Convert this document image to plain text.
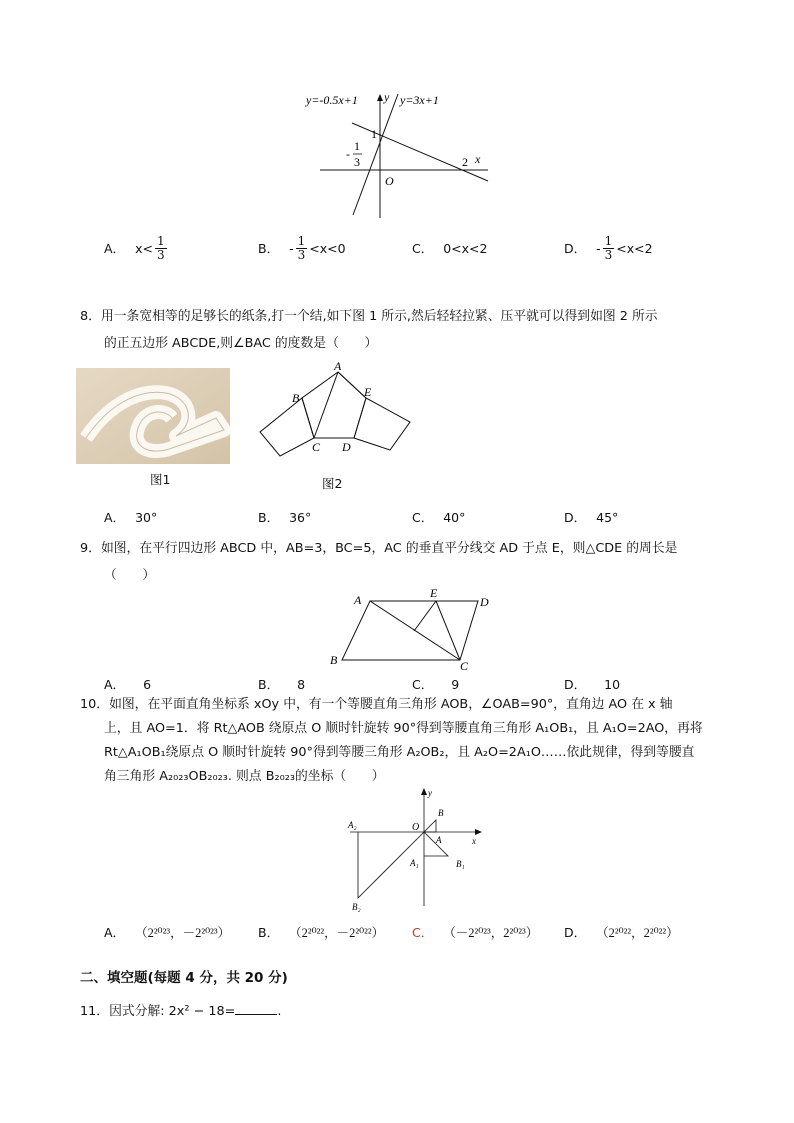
y=-0.5x+1	y=3x+1
y
x
1
2
O
-
1
3
A． $x< \frac{1}{3}$	B． - $\frac{1}{3} <x<0$	C． 0<x<2	D． - $\frac{1}{3} <x<2$
8．用一条宽相等的足够长的纸条,打一个结,如下图 1 所示,然后轻轻拉紧、压平就可以得到如图 2 所示
的正五边形 ABCDE,则∠BAC 的度数是（　　）
图1
A
B
C D
E
图2
A． 30°	B． 36°	C． 40°	D． 45°
9．如图，在平行四边形 ABCD 中，AB=3，BC=5，AC 的垂直平分线交 AD 于点 E，则△CDE 的周长是
（　　）
A	E
D
B	C
A． 6	B． 8	C． 9	D． 10
10．如图，在平面直角坐标系 xOy 中，有一个等腰直角三角形 AOB，∠OAB=90°，直角边 AO 在 x 轴
上，且 AO=1．将 Rt△AOB 绕原点 O 顺时针旋转 90°得到等腰直角三角形 A₁OB₁，且 A₁O=2AO，再将
Rt△A₁OB₁绕原点 O 顺时针旋转 90°得到等腰三角形 A₂OB₂，且 A₂O=2A₁O……依此规律，得到等腰直
角三角形 A₂₀₂₃OB₂₀₂₃. 则点 B₂₀₂₃的坐标（　　）
y
x
O
A
B
A₁	B₁
A₂
B₂
A． （2²⁰²³，－2²⁰²³） B． （2²⁰²²，－2²⁰²²） C． （－2²⁰²³，2²⁰²³） D． （2²⁰²²，2²⁰²²）
二、填空题(每题 4 分，共 20 分)
11．因式分解: 2x² − 18=	.
